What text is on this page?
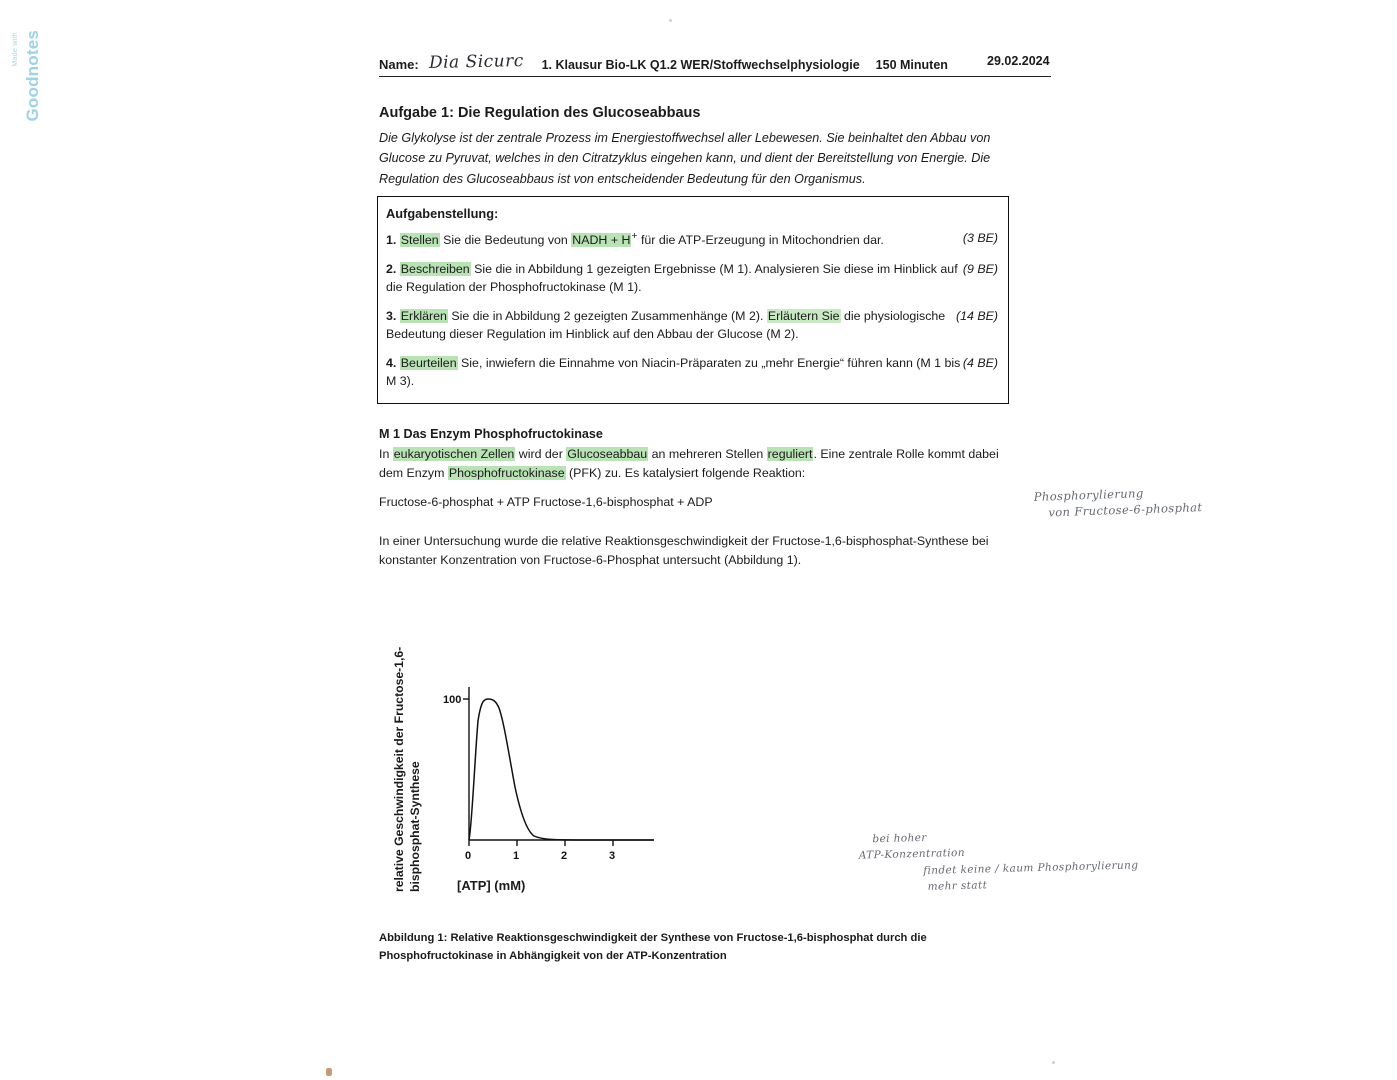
Made with Goodnotes	Name: Dia Sicurc	1. Klausur Bio-LK Q1.2 WER/Stoffwechselphysiologie 150 Minuten	29.02.2024
Aufgabe 1: Die Regulation des Glucoseabbaus
Die Glykolyse ist der zentrale Prozess im Energiestoffwechsel aller Lebewesen. Sie beinhaltet den Abbau von Glucose zu Pyruvat, welches in den Citratzyklus eingehen kann, und dient der Bereitstellung von Energie. Die Regulation des Glucoseabbaus ist von entscheidender Bedeutung für den Organismus.
Aufgabenstellung:

(3 BE)
1. Stellen Sie die Bedeutung von NADH + H+ für die ATP-Erzeugung in Mitochondrien dar.

(9 BE)
2. Beschreiben Sie die in Abbildung 1 gezeigten Ergebnisse (M 1). Analysieren Sie diese im Hinblick auf die Regulation der Phosphofructokinase (M 1).

(14 BE)
3. Erklären Sie die in Abbildung 2 gezeigten Zusammenhänge (M 2). Erläutern Sie die physiologische Bedeutung dieser Regulation im Hinblick auf den Abbau der Glucose (M 2).

(4 BE)
4. Beurteilen Sie, inwiefern die Einnahme von Niacin-Präparaten zu „mehr Energie“ führen kann (M 1 bis M 3).

M 1 Das Enzym Phosphofructokinase
In eukaryotischen Zellen wird der Glucoseabbau an mehreren Stellen reguliert. Eine zentrale Rolle kommt dabei dem Enzym Phosphofructokinase (PFK) zu. Es katalysiert folgende Reaktion:
Fructose-6-phosphat + ATP Fructose-1,6-bisphosphat + ADP	Phosphorylierung
von Fructose-6-phosphat
In einer Untersuchung wurde die relative Reaktionsgeschwindigkeit der Fructose-1,6-bisphosphat-Synthese bei konstanter Konzentration von Fructose-6-Phosphat untersucht (Abbildung 1).
relative Geschwindigkeit der Fructose-1,6-bisphosphat-Synthese
100
0	1	2	3
[ATP] (mM)
bei hoher
ATP-Konzentration
findet keine / kaum Phosphorylierung
mehr statt
Abbildung 1: Relative Reaktionsgeschwindigkeit der Synthese von Fructose-1,6-bisphosphat durch die Phosphofructokinase in Abhängigkeit von der ATP-Konzentration
